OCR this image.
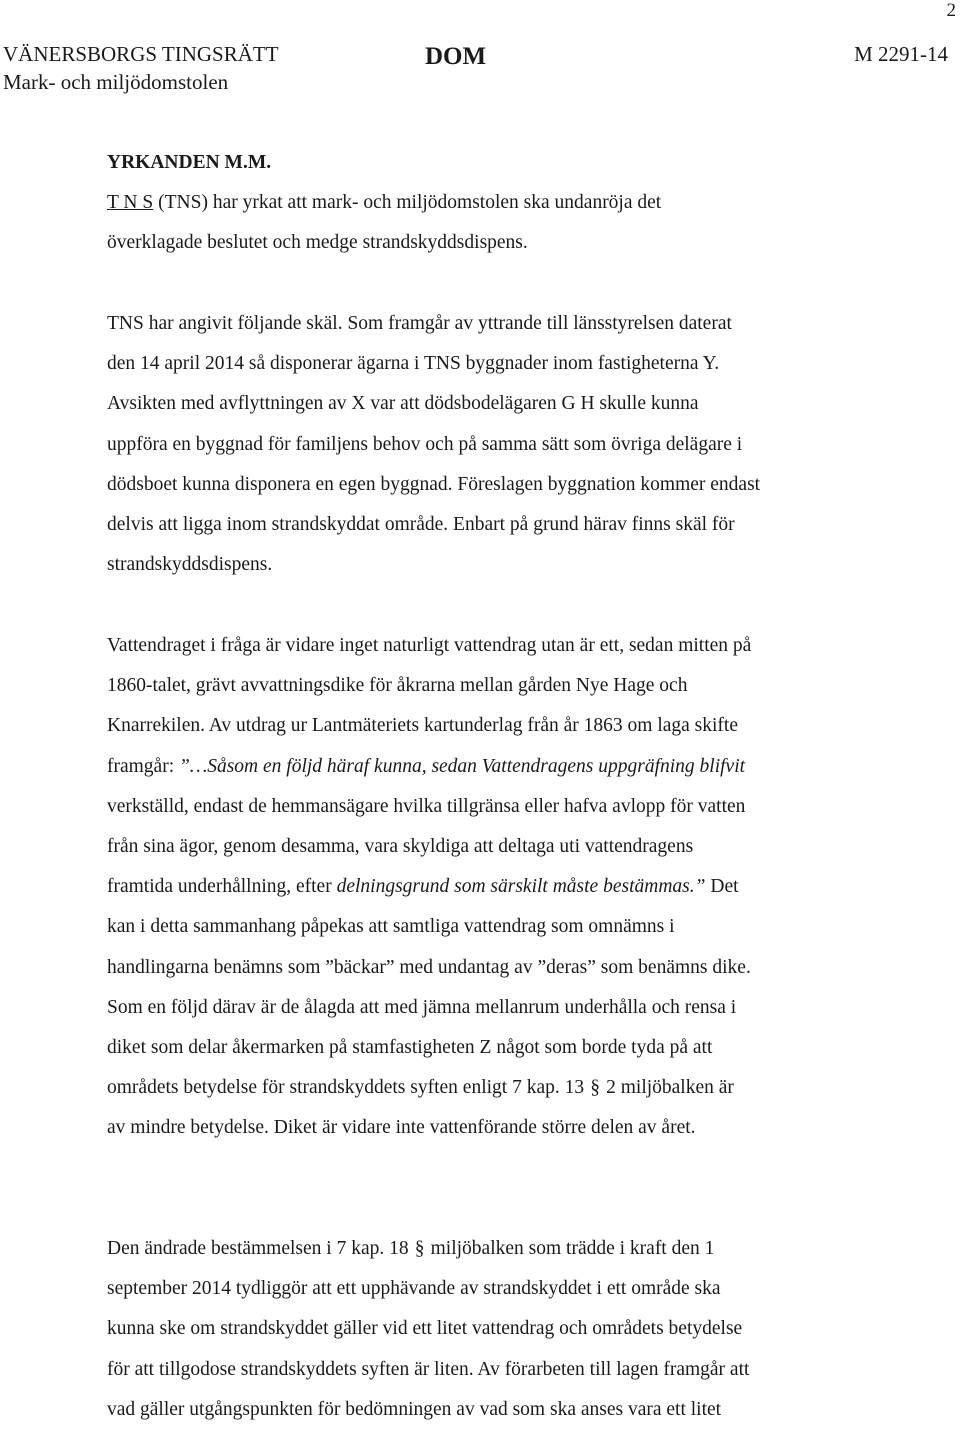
2
VÄNERSBORGS TINGSRÄTT
Mark- och miljödomstolen
DOM	M 2291-14
YRKANDEN M.M.
T N S (TNS) har yrkat att mark- och miljödomstolen ska undanröja det
överklagade beslutet och medge strandskyddsdispens.
TNS har angivit följande skäl. Som framgår av yttrande till länsstyrelsen daterat
den 14 april 2014 så disponerar ägarna i TNS byggnader inom fastigheterna Y.
Avsikten med avflyttningen av X var att dödsbodelägaren G H skulle kunna
uppföra en byggnad för familjens behov och på samma sätt som övriga delägare i
dödsboet kunna disponera en egen byggnad. Föreslagen byggnation kommer endast
delvis att ligga inom strandskyddat område. Enbart på grund härav finns skäl för
strandskyddsdispens.
Vattendraget i fråga är vidare inget naturligt vattendrag utan är ett, sedan mitten på
1860-talet, grävt avvattningsdike för åkrarna mellan gården Nye Hage och
Knarrekilen. Av utdrag ur Lantmäteriets kartunderlag från år 1863 om laga skifte
framgår: ”…Såsom en följd häraf kunna, sedan Vattendragens uppgräfning blifvit
verkställd, endast de hemmansägare hvilka tillgränsa eller hafva avlopp för vatten
från sina ägor, genom desamma, vara skyldiga att deltaga uti vattendragens
framtida underhållning, efter delningsgrund som särskilt måste bestämmas.” Det
kan i detta sammanhang påpekas att samtliga vattendrag som omnämns i
handlingarna benämns som ”bäckar” med undantag av ”deras” som benämns dike.
Som en följd därav är de ålagda att med jämna mellanrum underhålla och rensa i
diket som delar åkermarken på stamfastigheten Z något som borde tyda på att
områdets betydelse för strandskyddets syften enligt 7 kap. 13 § 2 miljöbalken är
av mindre betydelse. Diket är vidare inte vattenförande större delen av året.
Den ändrade bestämmelsen i 7 kap. 18 § miljöbalken som trädde i kraft den 1
september 2014 tydliggör att ett upphävande av strandskyddet i ett område ska
kunna ske om strandskyddet gäller vid ett litet vattendrag och områdets betydelse
för att tillgodose strandskyddets syften är liten. Av förarbeten till lagen framgår att
vad gäller utgångspunkten för bedömningen av vad som ska anses vara ett litet
